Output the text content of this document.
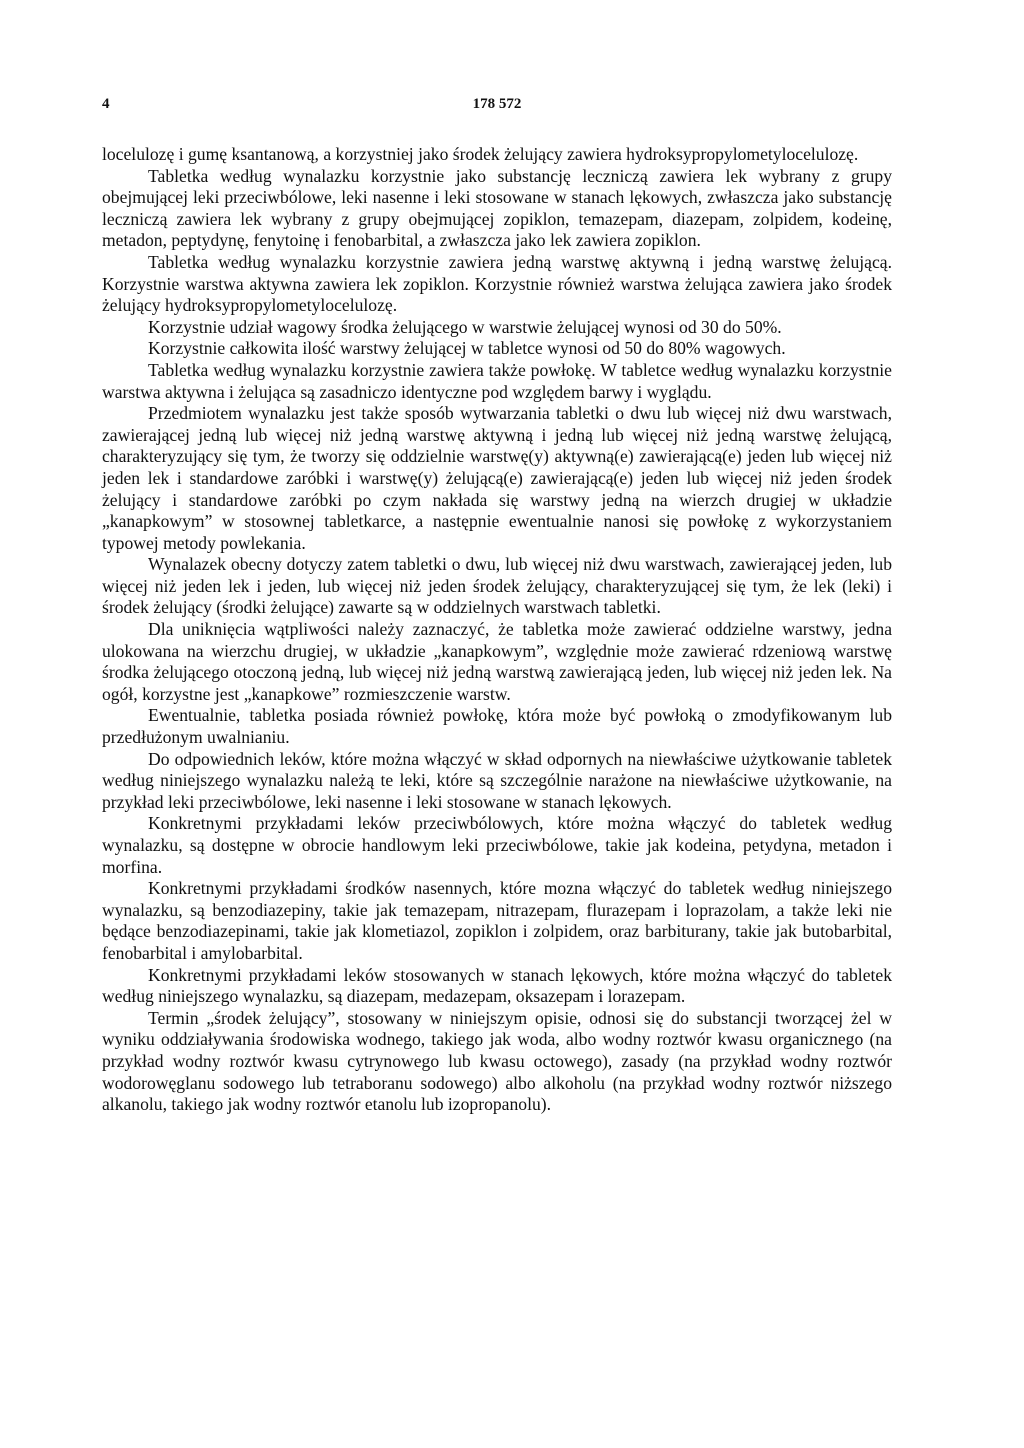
4	178 572

locelulozę i gumę ksantanową, a korzystniej jako środek żelujący zawiera hydroksypropylometylocelulozę.

Tabletka według wynalazku korzystnie jako substancję leczniczą zawiera lek wybrany z grupy obejmującej leki przeciwbólowe, leki nasenne i leki stosowane w stanach lękowych, zwłaszcza jako substancję leczniczą zawiera lek wybrany z grupy obejmującej zopiklon, temazepam, diazepam, zolpidem, kodeinę, metadon, peptydynę, fenytoinę i fenobarbital, a zwłaszcza jako lek zawiera zopiklon.

Tabletka według wynalazku korzystnie zawiera jedną warstwę aktywną i jedną warstwę żelującą. Korzystnie warstwa aktywna zawiera lek zopiklon. Korzystnie również warstwa żelująca zawiera jako środek żelujący hydroksypropylometylocelulozę.

Korzystnie udział wagowy środka żelującego w warstwie żelującej wynosi od 30 do 50%.

Korzystnie całkowita ilość warstwy żelującej w tabletce wynosi od 50 do 80% wagowych.

Tabletka według wynalazku korzystnie zawiera także powłokę. W tabletce według wynalazku korzystnie warstwa aktywna i żelująca są zasadniczo identyczne pod względem barwy i wyglądu.

Przedmiotem wynalazku jest także sposób wytwarzania tabletki o dwu lub więcej niż dwu warstwach, zawierającej jedną lub więcej niż jedną warstwę aktywną i jedną lub więcej niż jedną warstwę żelującą, charakteryzujący się tym, że tworzy się oddzielnie warstwę(y) aktywną(e) zawierającą(e) jeden lub więcej niż jeden lek i standardowe zaróbki i warstwę(y) żelującą(e) zawierającą(e) jeden lub więcej niż jeden środek żelujący i standardowe zaróbki po czym nakłada się warstwy jedną na wierzch drugiej w układzie „kanapkowym” w stosownej tabletkarce, a następnie ewentualnie nanosi się powłokę z wykorzystaniem typowej metody powlekania.

Wynalazek obecny dotyczy zatem tabletki o dwu, lub więcej niż dwu warstwach, zawierającej jeden, lub więcej niż jeden lek i jeden, lub więcej niż jeden środek żelujący, charakteryzującej się tym, że lek (leki) i środek żelujący (środki żelujące) zawarte są w oddzielnych warstwach tabletki.

Dla uniknięcia wątpliwości należy zaznaczyć, że tabletka może zawierać oddzielne warstwy, jedna ulokowana na wierzchu drugiej, w układzie „kanapkowym”, względnie może zawierać rdzeniową warstwę środka żelującego otoczoną jedną, lub więcej niż jedną warstwą zawierającą jeden, lub więcej niż jeden lek. Na ogół, korzystne jest „kanapkowe” rozmieszczenie warstw.

Ewentualnie, tabletka posiada również powłokę, która może być powłoką o zmodyfikowanym lub przedłużonym uwalnianiu.

Do odpowiednich leków, które można włączyć w skład odpornych na niewłaściwe użytkowanie tabletek według niniejszego wynalazku należą te leki, które są szczególnie narażone na niewłaściwe użytkowanie, na przykład leki przeciwbólowe, leki nasenne i leki stosowane w stanach lękowych.

Konkretnymi przykładami leków przeciwbólowych, które można włączyć do tabletek według wynalazku, są dostępne w obrocie handlowym leki przeciwbólowe, takie jak kodeina, petydyna, metadon i morfina.

Konkretnymi przykładami środków nasennych, które mozna włączyć do tabletek według niniejszego wynalazku, są benzodiazepiny, takie jak temazepam, nitrazepam, flurazepam i loprazolam, a także leki nie będące benzodiazepinami, takie jak klometiazol, zopiklon i zolpidem, oraz barbiturany, takie jak butobarbital, fenobarbital i amylobarbital.

Konkretnymi przykładami leków stosowanych w stanach lękowych, które można włączyć do tabletek według niniejszego wynalazku, są diazepam, medazepam, oksazepam i lorazepam.

Termin „środek żelujący”, stosowany w niniejszym opisie, odnosi się do substancji tworzącej żel w wyniku oddziaływania środowiska wodnego, takiego jak woda, albo wodny roztwór kwasu organicznego (na przykład wodny roztwór kwasu cytrynowego lub kwasu octowego), zasady (na przykład wodny roztwór wodorowęglanu sodowego lub tetraboranu sodowego) albo alkoholu (na przykład wodny roztwór niższego alkanolu, takiego jak wodny roztwór etanolu lub izopropanolu).
